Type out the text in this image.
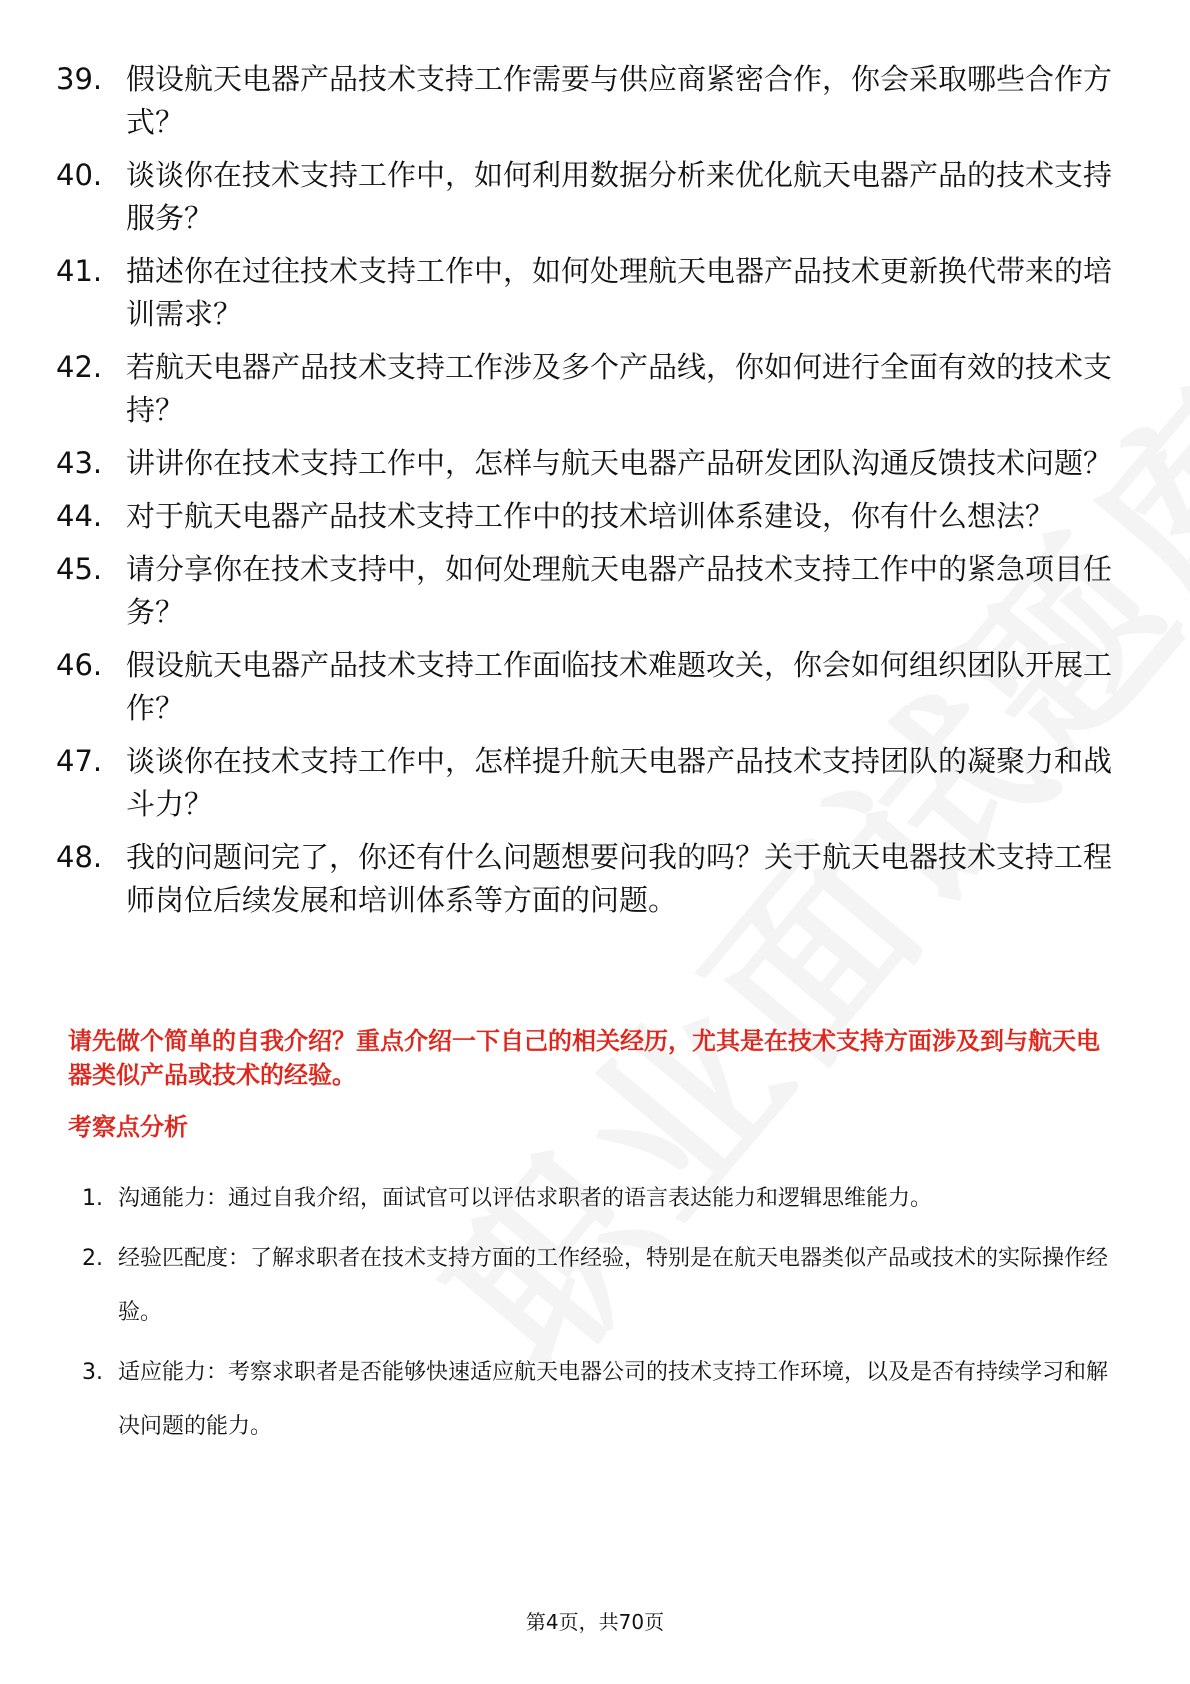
39. 假设航天电器产品技术支持工作需要与供应商紧密合作，你会采取哪些合作方式？
40. 谈谈你在技术支持工作中，如何利用数据分析来优化航天电器产品的技术支持服务？
41. 描述你在过往技术支持工作中，如何处理航天电器产品技术更新换代带来的培训需求？
42. 若航天电器产品技术支持工作涉及多个产品线，你如何进行全面有效的技术支持？
43. 讲讲你在技术支持工作中，怎样与航天电器产品研发团队沟通反馈技术问题？
44. 对于航天电器产品技术支持工作中的技术培训体系建设，你有什么想法？
45. 请分享你在技术支持中，如何处理航天电器产品技术支持工作中的紧急项目任务？
46. 假设航天电器产品技术支持工作面临技术难题攻关，你会如何组织团队开展工作？
47. 谈谈你在技术支持工作中，怎样提升航天电器产品技术支持团队的凝聚力和战斗力？
48. 我的问题问完了，你还有什么问题想要问我的吗？关于航天电器技术支持工程师岗位后续发展和培训体系等方面的问题。

请先做个简单的自我介绍？重点介绍一下自己的相关经历，尤其是在技术支持方面涉及到与航天电器类似产品或技术的经验。

考察点分析
1. 沟通能力：通过自我介绍，面试官可以评估求职者的语言表达能力和逻辑思维能力。
2. 经验匹配度：了解求职者在技术支持方面的工作经验，特别是在航天电器类似产品或技术的实际操作经验。
3. 适应能力：考察求职者是否能够快速适应航天电器公司的技术支持工作环境，以及是否有持续学习和解决问题的能力。
第4页，共70页
